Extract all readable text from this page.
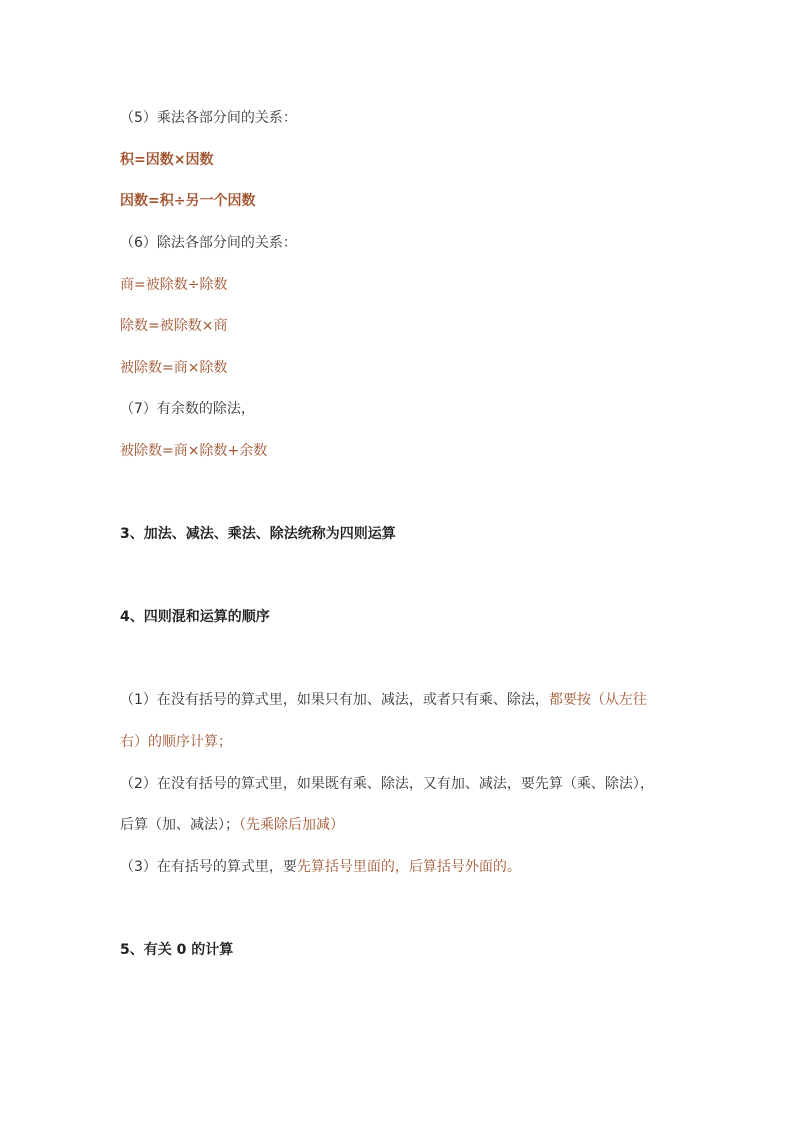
（5）乘法各部分间的关系：
积=因数×因数
因数=积÷另一个因数
（6）除法各部分间的关系：
商=被除数÷除数
除数=被除数×商
被除数=商×除数
（7）有余数的除法，
被除数=商×除数+余数
3、加法、减法、乘法、除法统称为四则运算
4、四则混和运算的顺序
（1）在没有括号的算式里，如果只有加、减法，或者只有乘、除法，都要按（从左往
右）的顺序计算；
（2）在没有括号的算式里，如果既有乘、除法，又有加、减法，要先算（乘、除法），
后算（加、减法）；（先乘除后加减）
（3）在有括号的算式里，要先算括号里面的，后算括号外面的。
5、有关 0 的计算
